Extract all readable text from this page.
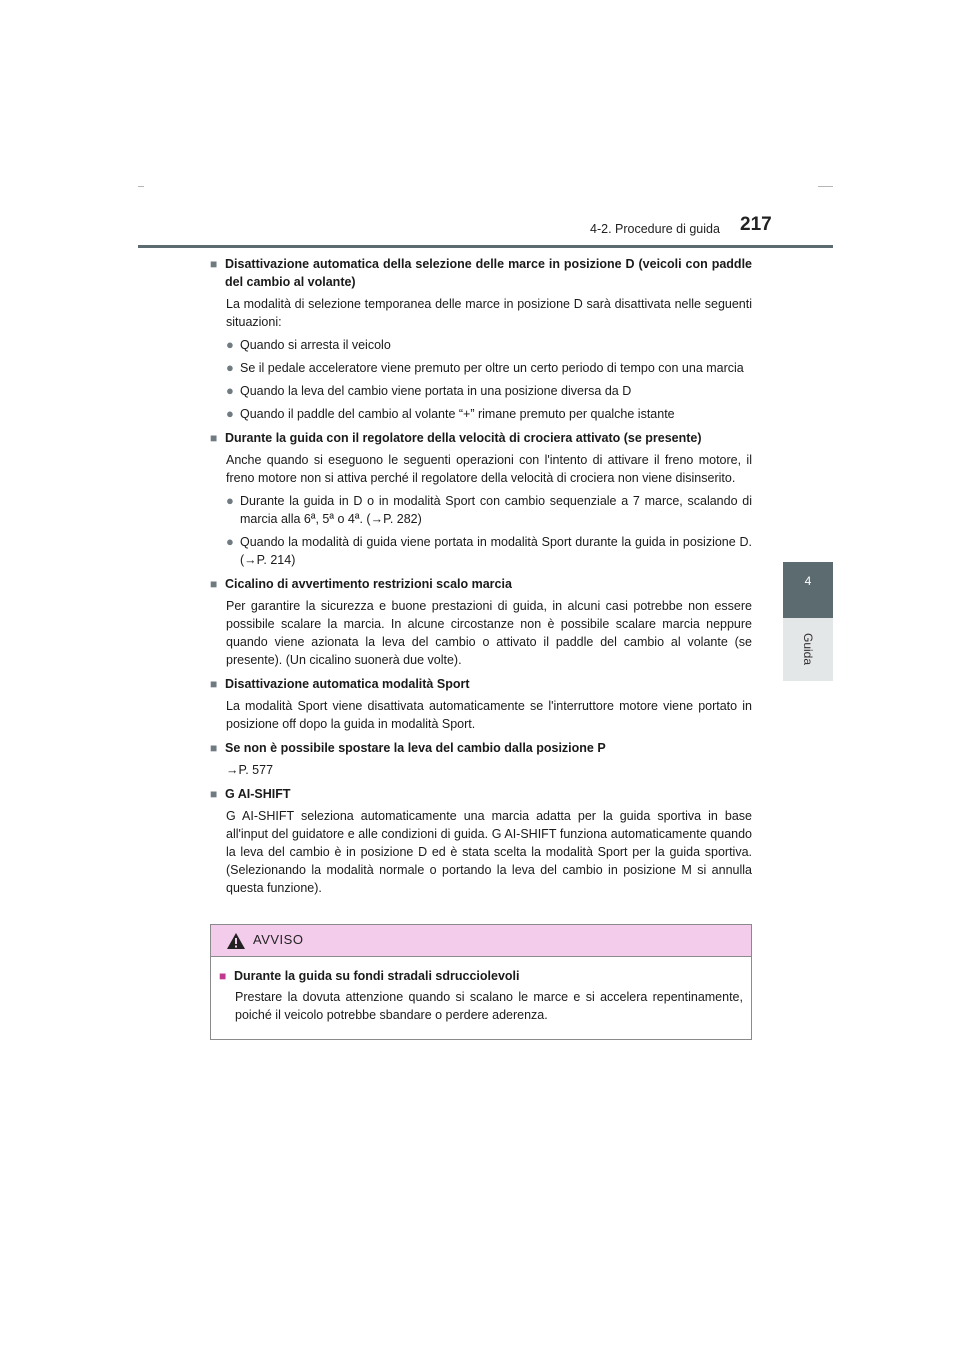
4-2. Procedure di guida 217
4
Guida
■ Disattivazione automatica della selezione delle marce in posizione D (veicoli con paddle del cambio al volante)
La modalità di selezione temporanea delle marce in posizione D sarà disattivata nelle seguenti situazioni:
● Quando si arresta il veicolo
● Se il pedale acceleratore viene premuto per oltre un certo periodo di tempo con una marcia
● Quando la leva del cambio viene portata in una posizione diversa da D
● Quando il paddle del cambio al volante “+” rimane premuto per qualche istante
■ Durante la guida con il regolatore della velocità di crociera attivato (se presente)
Anche quando si eseguono le seguenti operazioni con l'intento di attivare il freno motore, il freno motore non si attiva perché il regolatore della velocità di crociera non viene disinserito.
● Durante la guida in D o in modalità Sport con cambio sequenziale a 7 marce, scalando di marcia alla 6ª, 5ª o 4ª. (→P. 282)
● Quando la modalità di guida viene portata in modalità Sport durante la guida in posizione D. (→P. 214)
■ Cicalino di avvertimento restrizioni scalo marcia
Per garantire la sicurezza e buone prestazioni di guida, in alcuni casi potrebbe non essere possibile scalare la marcia. In alcune circostanze non è possibile scalare marcia neppure quando viene azionata la leva del cambio o attivato il paddle del cambio al volante (se presente). (Un cicalino suonerà due volte).
■ Disattivazione automatica modalità Sport
La modalità Sport viene disattivata automaticamente se l'interruttore motore viene portato in posizione off dopo la guida in modalità Sport.
■ Se non è possibile spostare la leva del cambio dalla posizione P
→P. 577
■ G AI-SHIFT
G AI-SHIFT seleziona automaticamente una marcia adatta per la guida sportiva in base all'input del guidatore e alle condizioni di guida. G AI-SHIFT funziona automaticamente quando la leva del cambio è in posizione D ed è stata scelta la modalità Sport per la guida sportiva. (Selezionando la modalità normale o portando la leva del cambio in posizione M si annulla questa funzione).
AVVISO
■ Durante la guida su fondi stradali sdrucciolevoli
Prestare la dovuta attenzione quando si scalano le marce e si accelera repentinamente, poiché il veicolo potrebbe sbandare o perdere aderenza.
